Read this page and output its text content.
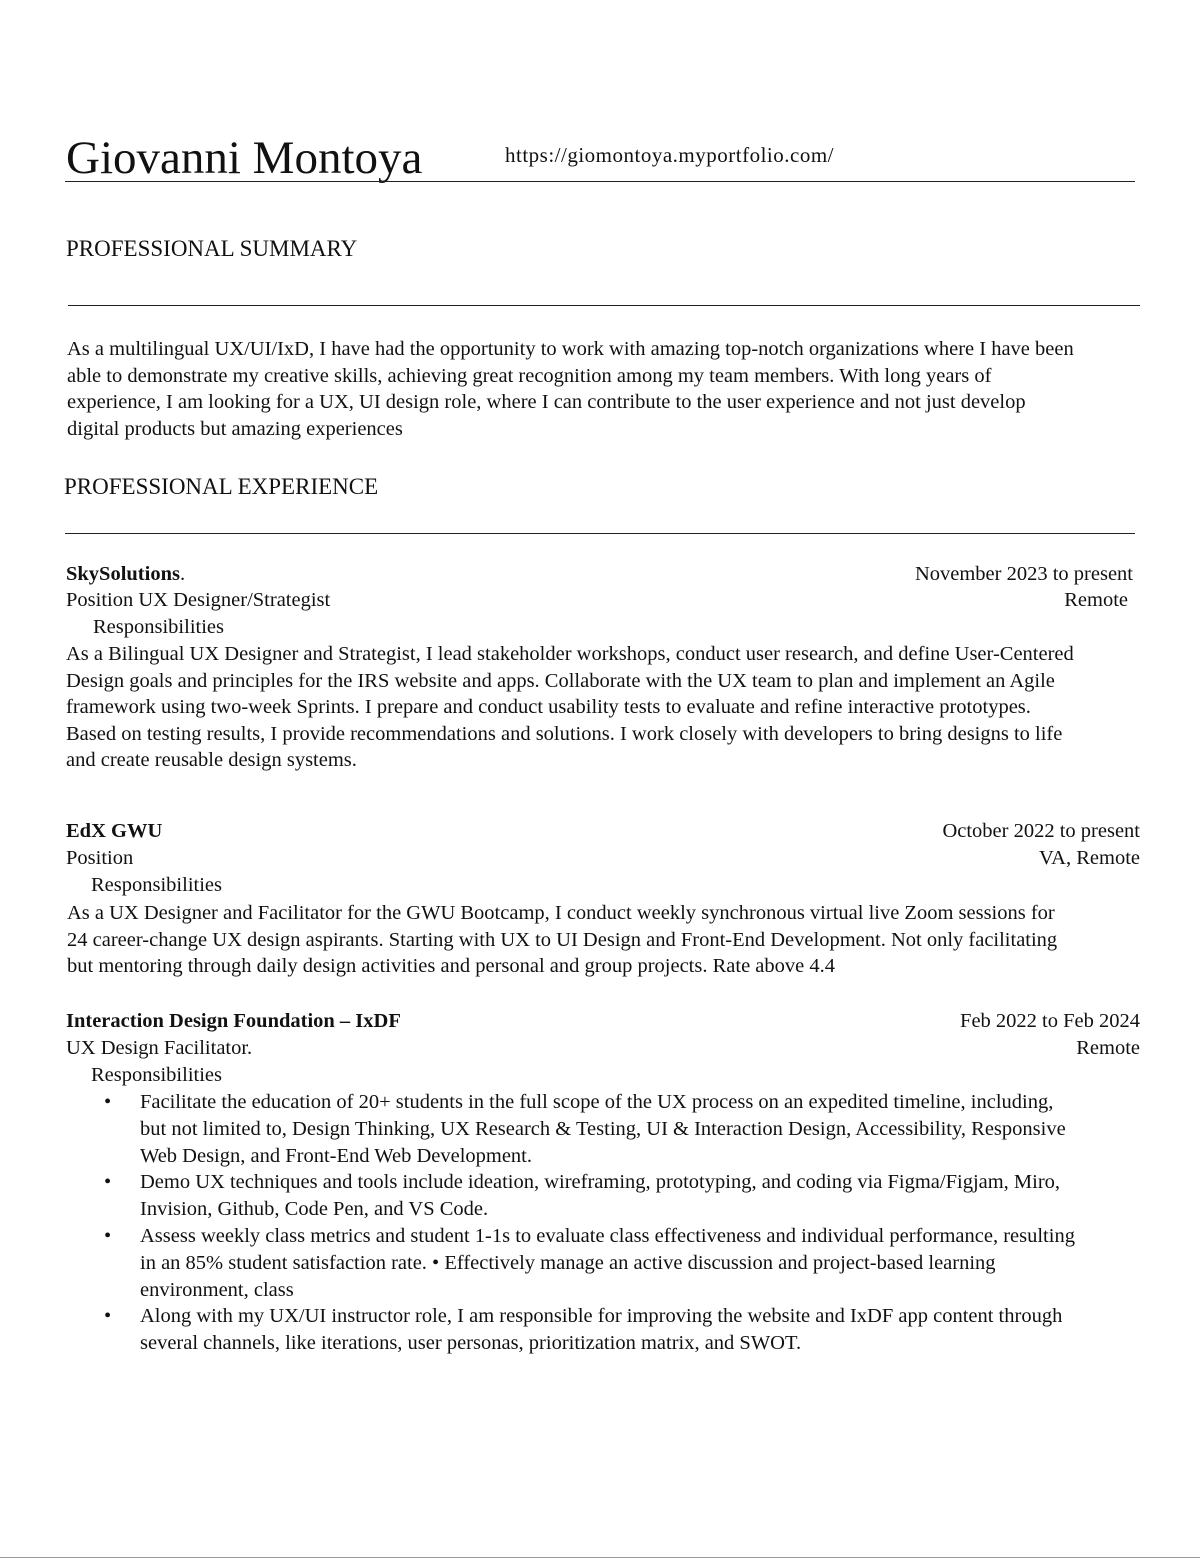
Giovanni Montoya	https://giomontoya.myportfolio.com/
PROFESSIONAL SUMMARY
As a multilingual UX/UI/IxD, I have had the opportunity to work with amazing top-notch organizations where I have been
able to demonstrate my creative skills, achieving great recognition among my team members. With long years of
experience, I am looking for a UX, UI design role, where I can contribute to the user experience and not just develop
digital products but amazing experiences
PROFESSIONAL EXPERIENCE
SkySolutions.	November 2023 to present
Position UX Designer/Strategist	Remote
Responsibilities
As a Bilingual UX Designer and Strategist, I lead stakeholder workshops, conduct user research, and define User-Centered
Design goals and principles for the IRS website and apps. Collaborate with the UX team to plan and implement an Agile
framework using two-week Sprints. I prepare and conduct usability tests to evaluate and refine interactive prototypes.
Based on testing results, I provide recommendations and solutions. I work closely with developers to bring designs to life
and create reusable design systems.
EdX GWU	October 2022 to present
Position	VA, Remote
Responsibilities
As a UX Designer and Facilitator for the GWU Bootcamp, I conduct weekly synchronous virtual live Zoom sessions for
24 career-change UX design aspirants. Starting with UX to UI Design and Front-End Development. Not only facilitating
but mentoring through daily design activities and personal and group projects. Rate above 4.4
Interaction Design Foundation – IxDF	Feb 2022 to Feb 2024
UX Design Facilitator.	Remote
Responsibilities
• Facilitate the education of 20+ students in the full scope of the UX process on an expedited timeline, including,
but not limited to, Design Thinking, UX Research & Testing, UI & Interaction Design, Accessibility, Responsive
Web Design, and Front-End Web Development.
• Demo UX techniques and tools include ideation, wireframing, prototyping, and coding via Figma/Figjam, Miro,
Invision, Github, Code Pen, and VS Code.
• Assess weekly class metrics and student 1-1s to evaluate class effectiveness and individual performance, resulting
in an 85% student satisfaction rate. • Effectively manage an active discussion and project-based learning
environment, class
• Along with my UX/UI instructor role, I am responsible for improving the website and IxDF app content through
several channels, like iterations, user personas, prioritization matrix, and SWOT.
